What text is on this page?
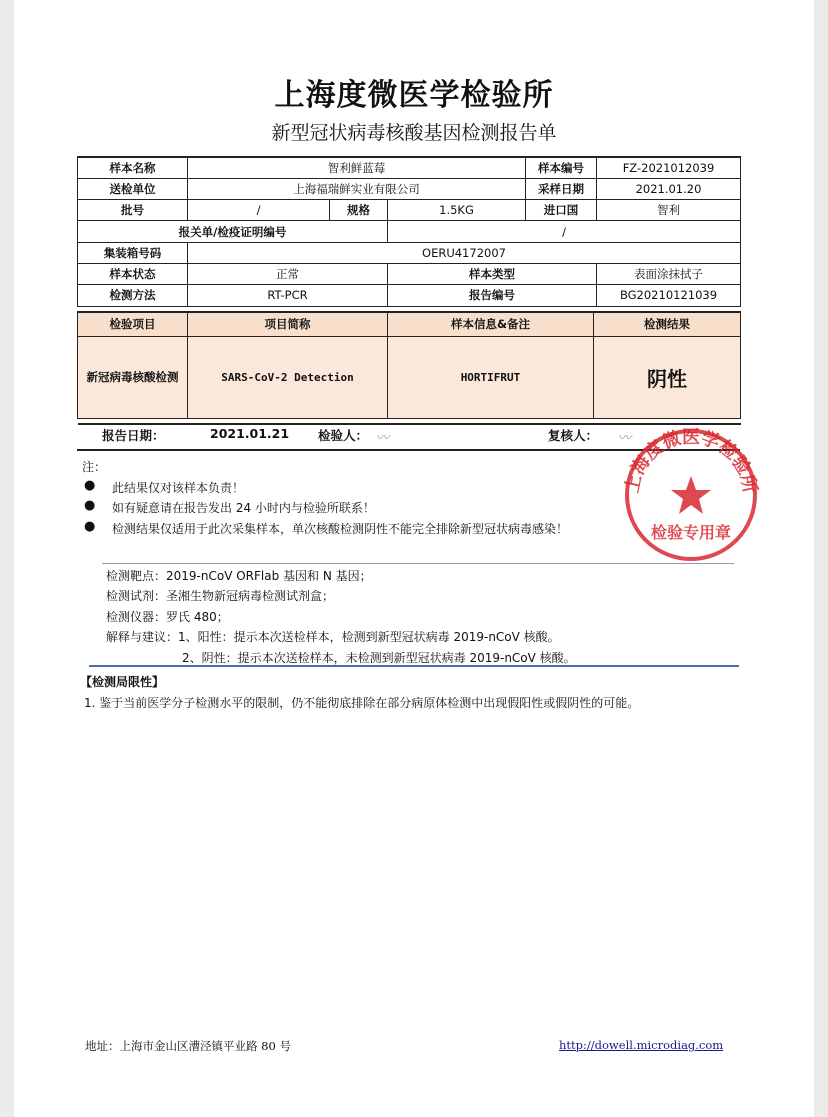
上海度微医学检验所
新型冠状病毒核酸基因检测报告单
样本名称	智利鲜蓝莓			样本编号	FZ-2021012039
送检单位	上海福瑞鲜实业有限公司			采样日期	2021.01.20
批号	/	规格	1.5KG	进口国	智利
报关单/检疫证明编号			/		
集装箱号码	OERU4172007				
样本状态	正常		样本类型		表面涂抹拭子
检测方法	RT-PCR		报告编号		BG20210121039
检验项目	项目简称	样本信息&备注	检测结果
新冠病毒核酸检测	SARS-CoV-2 Detection	HORTIFRUT	阴性

报告日期：	2021.01.21 检验人： 〰	复核人： 〰
注：
● 此结果仅对该样本负责！
● 如有疑意请在报告发出 24 小时内与检验所联系！
● 检测结果仅适用于此次采集样本，单次核酸检测阴性不能完全排除新型冠状病毒感染！
上海度微医学检验所
检验专用章
检测靶点：2019-nCoV ORFlab 基因和 N 基因；
检测试剂：圣湘生物新冠病毒检测试剂盒；
检测仪器：罗氏 480；
解释与建议：1、阳性：提示本次送检样本，检测到新型冠状病毒 2019-nCoV 核酸。
2、阴性：提示本次送检样本，未检测到新型冠状病毒 2019-nCoV 核酸。
【检测局限性】
1. 鉴于当前医学分子检测水平的限制，仍不能彻底排除在部分病原体检测中出现假阳性或假阴性的可能。
地址：上海市金山区漕泾镇平业路 80 号	http://dowell.microdiag.com
